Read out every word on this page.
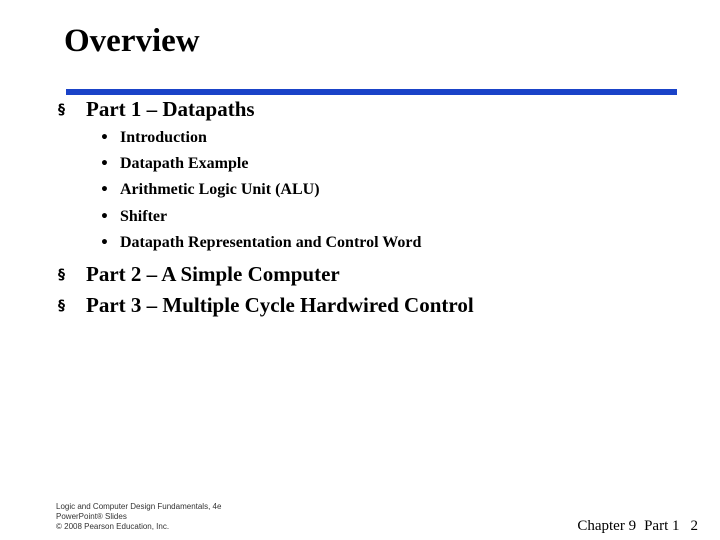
Overview
§	Part 1 – Datapaths
• Introduction
• Datapath Example
• Arithmetic Logic Unit (ALU)
• Shifter
• Datapath Representation and Control Word
§	Part 2 – A Simple Computer
§	Part 3 – Multiple Cycle Hardwired Control
Logic and Computer Design Fundamentals, 4e
PowerPoint® Slides
© 2008 Pearson Education, Inc.	Chapter 9 Part 1 2
